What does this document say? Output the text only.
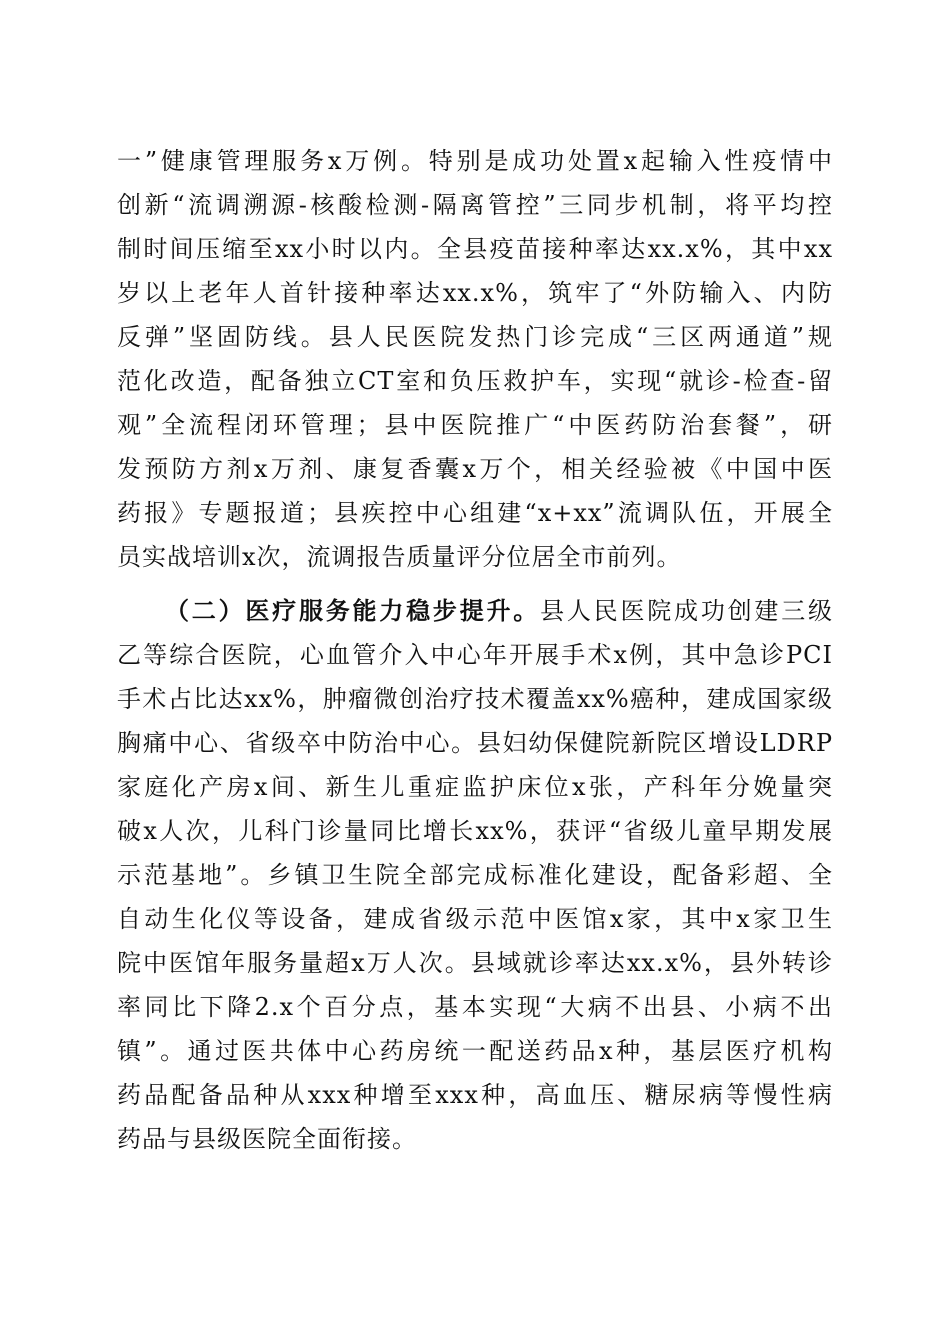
一”健康管理服务x万例。特别是成功处置x起输入性疫情中
创新“流调溯源-核酸检测-隔离管控”三同步机制，将平均控
制时间压缩至xx小时以内。全县疫苗接种率达xx.x%，其中xx
岁以上老年人首针接种率达xx.x%，筑牢了“外防输入、内防
反弹”坚固防线。县人民医院发热门诊完成“三区两通道”规
范化改造，配备独立CT室和负压救护车，实现“就诊-检查-留
观”全流程闭环管理；县中医院推广“中医药防治套餐”，研
发预防方剂x万剂、康复香囊x万个，相关经验被《中国中医
药报》专题报道；县疾控中心组建“x+xx”流调队伍，开展全
员实战培训x次，流调报告质量评分位居全市前列。
（二）医疗服务能力稳步提升。县人民医院成功创建三级
乙等综合医院，心血管介入中心年开展手术x例，其中急诊PCI
手术占比达xx%，肿瘤微创治疗技术覆盖xx%癌种，建成国家级
胸痛中心、省级卒中防治中心。县妇幼保健院新院区增设LDRP
家庭化产房x间、新生儿重症监护床位x张，产科年分娩量突
破x人次，儿科门诊量同比增长xx%，获评“省级儿童早期发展
示范基地”。乡镇卫生院全部完成标准化建设，配备彩超、全
自动生化仪等设备，建成省级示范中医馆x家，其中x家卫生
院中医馆年服务量超x万人次。县域就诊率达xx.x%，县外转诊
率同比下降2.x个百分点，基本实现“大病不出县、小病不出
镇”。通过医共体中心药房统一配送药品x种，基层医疗机构
药品配备品种从xxx种增至xxx种，高血压、糖尿病等慢性病
药品与县级医院全面衔接。
